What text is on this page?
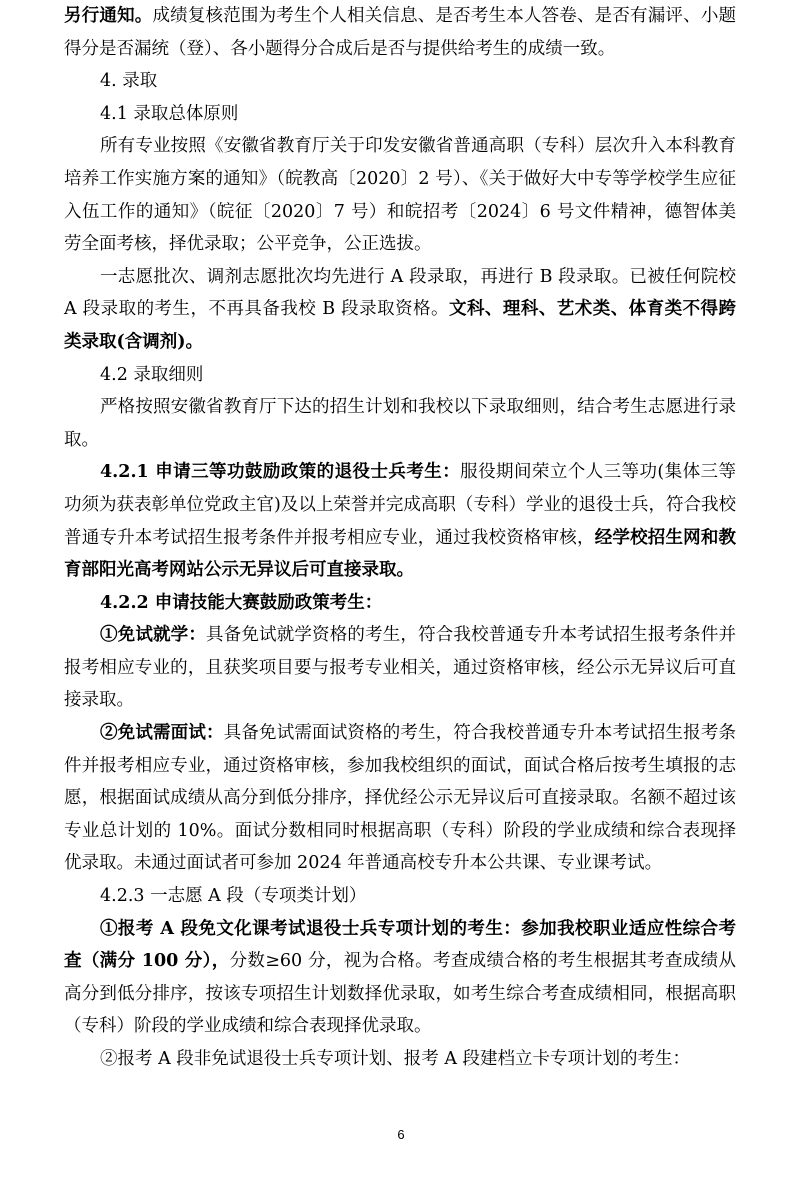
另行通知。成绩复核范围为考生个人相关信息、是否考生本人答卷、是否有漏评、小题得分是否漏统（登）、各小题得分合成后是否与提供给考生的成绩一致。

4. 录取

4.1 录取总体原则

所有专业按照《安徽省教育厅关于印发安徽省普通高职（专科）层次升入本科教育培养工作实施方案的通知》（皖教高〔2020〕2 号）、《关于做好大中专等学校学生应征入伍工作的通知》（皖征〔2020〕7 号）和皖招考〔2024〕6 号文件精神，德智体美劳全面考核，择优录取；公平竞争，公正选拔。

一志愿批次、调剂志愿批次均先进行 A 段录取，再进行 B 段录取。已被任何院校 A 段录取的考生，不再具备我校 B 段录取资格。文科、理科、艺术类、体育类不得跨类录取(含调剂)。

4.2 录取细则

严格按照安徽省教育厅下达的招生计划和我校以下录取细则，结合考生志愿进行录取。

4.2.1 申请三等功鼓励政策的退役士兵考生：服役期间荣立个人三等功(集体三等功须为获表彰单位党政主官)及以上荣誉并完成高职（专科）学业的退役士兵，符合我校普通专升本考试招生报考条件并报考相应专业，通过我校资格审核，经学校招生网和教育部阳光高考网站公示无异议后可直接录取。

4.2.2 申请技能大赛鼓励政策考生：

①免试就学：具备免试就学资格的考生，符合我校普通专升本考试招生报考条件并报考相应专业的，且获奖项目要与报考专业相关，通过资格审核，经公示无异议后可直接录取。

②免试需面试：具备免试需面试资格的考生，符合我校普通专升本考试招生报考条件并报考相应专业，通过资格审核，参加我校组织的面试，面试合格后按考生填报的志愿，根据面试成绩从高分到低分排序，择优经公示无异议后可直接录取。名额不超过该专业总计划的 10%。面试分数相同时根据高职（专科）阶段的学业成绩和综合表现择优录取。未通过面试者可参加 2024 年普通高校专升本公共课、专业课考试。

4.2.3 一志愿 A 段（专项类计划）

①报考 A 段免文化课考试退役士兵专项计划的考生：参加我校职业适应性综合考查（满分 100 分），分数≥60 分，视为合格。考查成绩合格的考生根据其考查成绩从高分到低分排序，按该专项招生计划数择优录取，如考生综合考查成绩相同，根据高职（专科）阶段的学业成绩和综合表现择优录取。

②报考 A 段非免试退役士兵专项计划、报考 A 段建档立卡专项计划的考生：

6
